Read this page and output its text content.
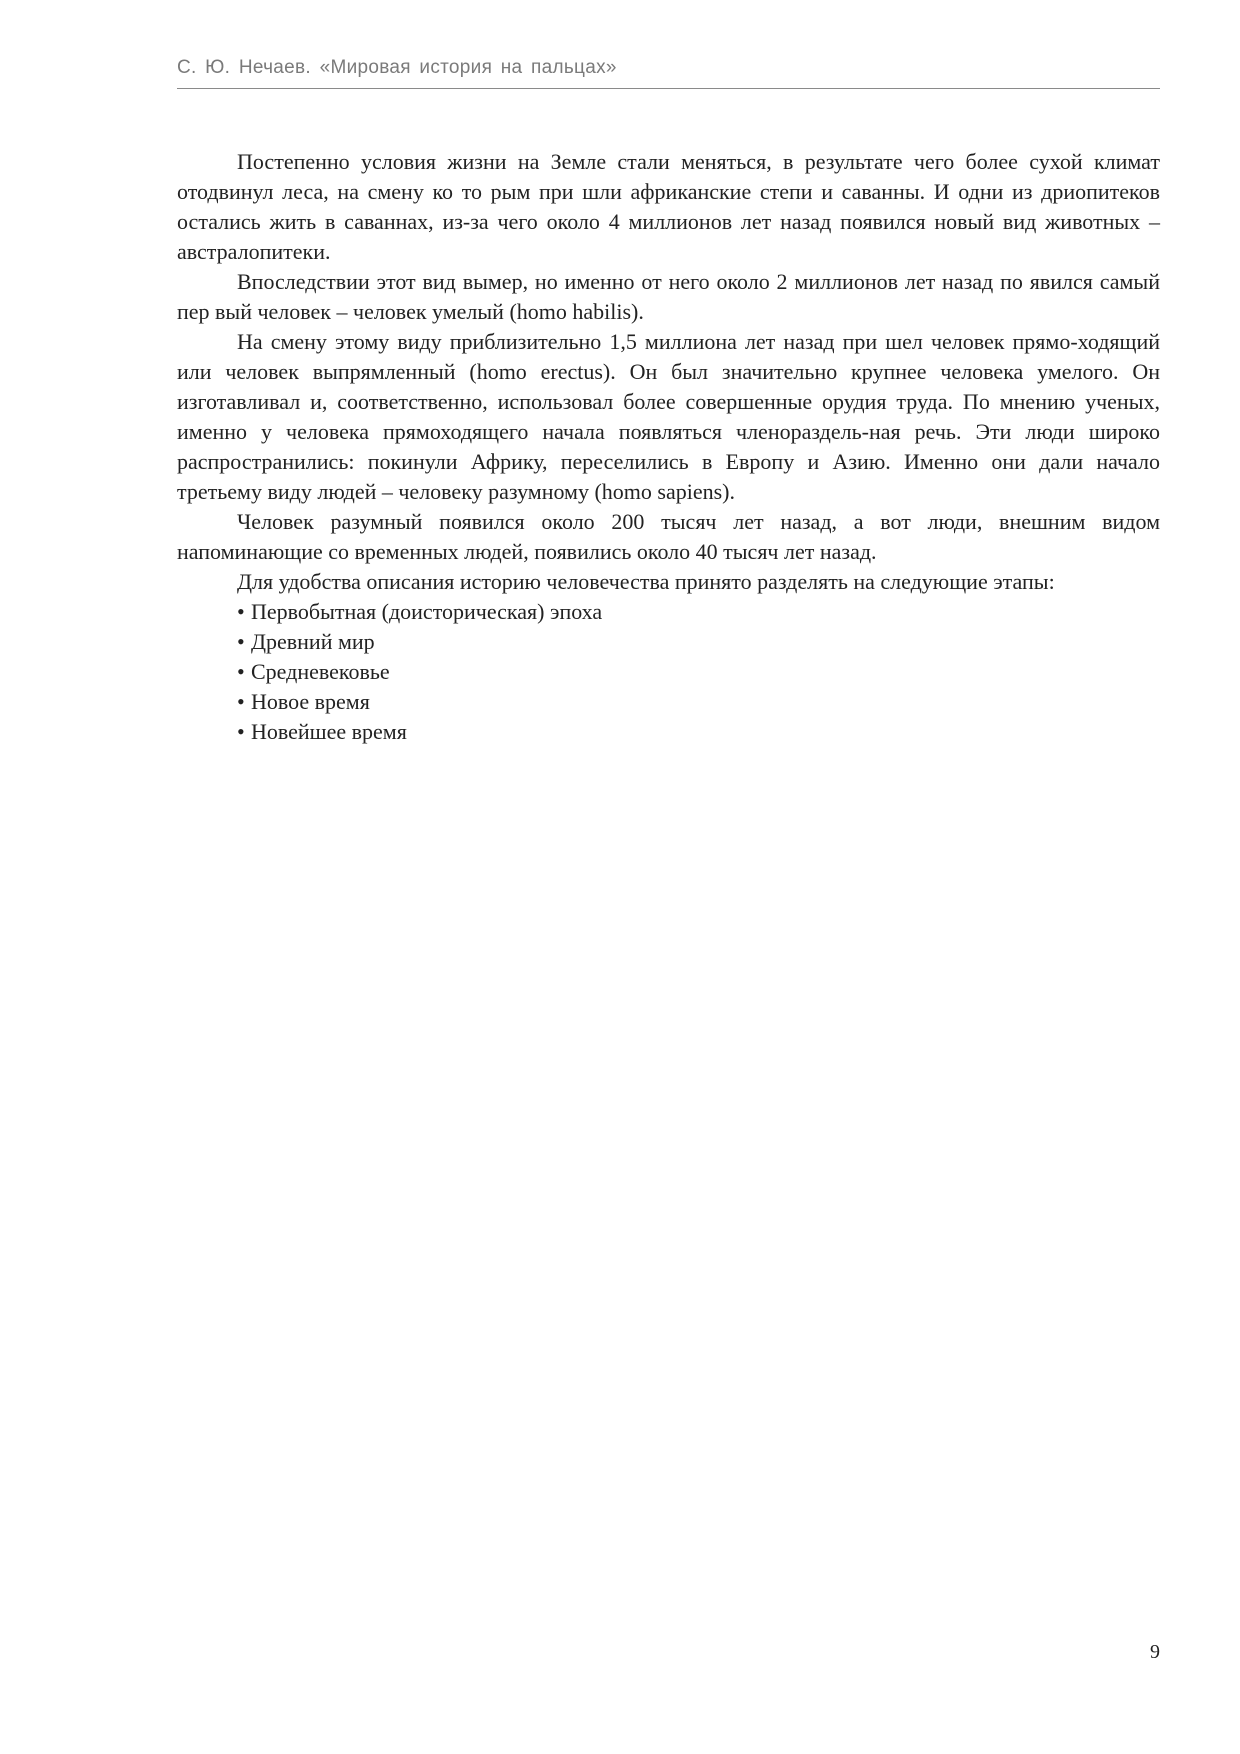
С. Ю. Нечаев. «Мировая история на пальцах»

Постепенно условия жизни на Земле стали меняться, в результате чего более сухой климат отодвинул леса, на смену ко то рым при шли африканские степи и саванны. И одни из дриопитеков остались жить в саваннах, из-за чего около 4 миллионов лет назад появился новый вид животных – австралопитеки.

Впоследствии этот вид вымер, но именно от него около 2 миллионов лет назад по явился самый пер вый человек – человек умелый (homo habilis).

На смену этому виду приблизительно 1,5 миллиона лет назад при шел человек прямо-ходящий или человек выпрямленный (homo erectus). Он был значительно крупнее человека умелого. Он изготавливал и, соответственно, использовал более совершенные орудия труда. По мнению ученых, именно у человека прямоходящего начала появляться членораздель-ная речь. Эти люди широко распространились: покинули Африку, переселились в Европу и Азию. Именно они дали начало третьему виду людей – человеку разумному (homo sapiens).

Человек разумный появился около 200 тысяч лет назад, а вот люди, внешним видом напоминающие со временных людей, появились около 40 тысяч лет назад.

Для удобства описания историю человечества принято разделять на следующие этапы:

• Первобытная (доисторическая) эпоха
• Древний мир
• Средневековье
• Новое время
• Новейшее время
9
